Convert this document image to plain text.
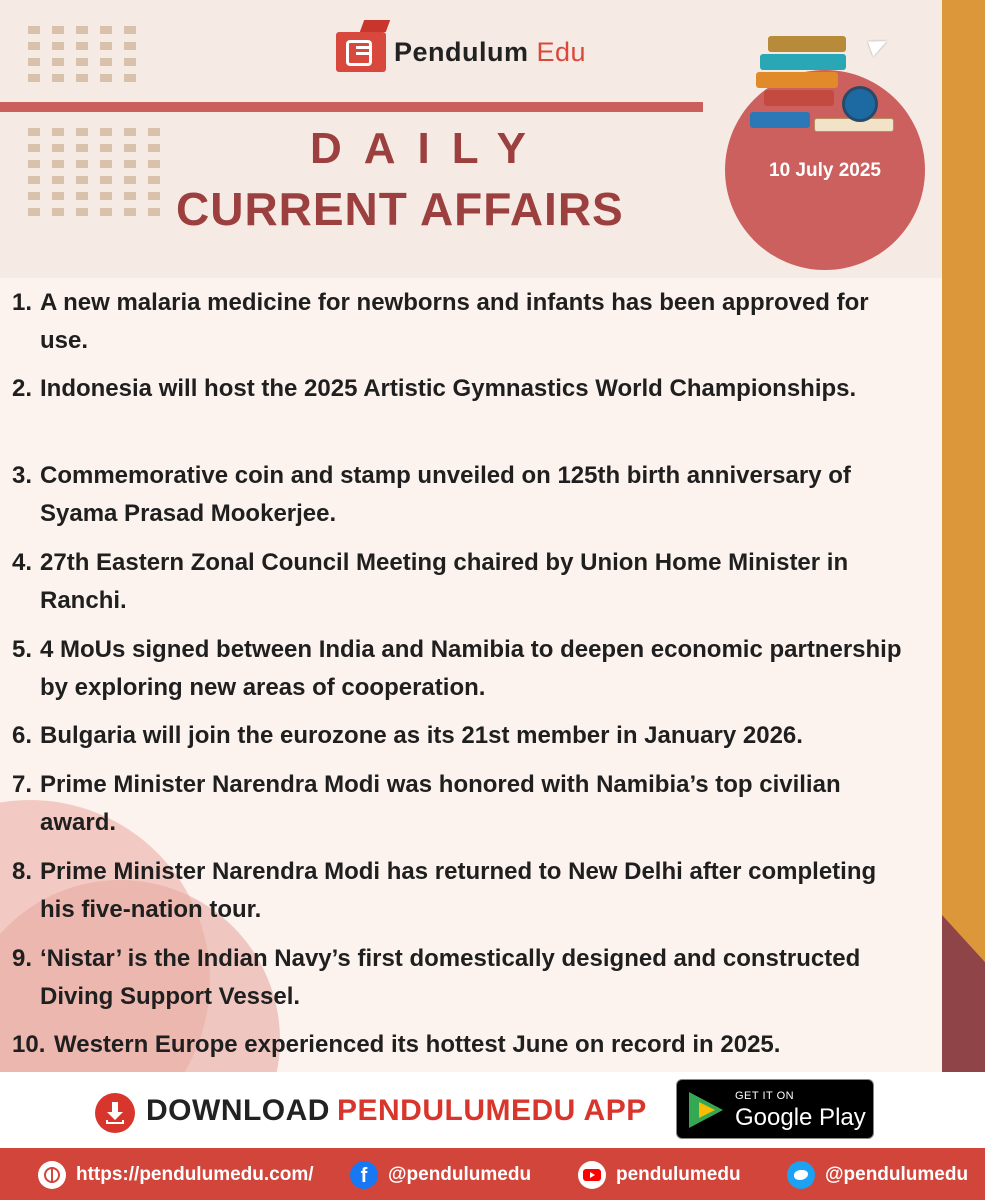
Pendulum Edu
DAILY
CURRENT AFFAIRS
10 July 2025
1. A new malaria medicine for newborns and infants has been approved for use.
2. Indonesia will host the 2025 Artistic Gymnastics World Championships.
3. Commemorative coin and stamp unveiled on 125th birth anniversary of Syama Prasad Mookerjee.
4. 27th Eastern Zonal Council Meeting chaired by Union Home Minister in Ranchi.
5. 4 MoUs signed between India and Namibia to deepen economic partnership by exploring new areas of cooperation.
6. Bulgaria will join the eurozone as its 21st member in January 2026.
7. Prime Minister Narendra Modi was honored with Namibia’s top civilian award.
8. Prime Minister Narendra Modi has returned to New Delhi after completing his five-nation tour.
9. ‘Nistar’ is the Indian Navy’s first domestically designed and constructed Diving Support Vessel.
10. Western Europe experienced its hottest June on record in 2025.
DOWNLOAD PENDULUMEDU APP	GET IT ON
Google Play
https://pendulumedu.com/	f	@pendulumedu	pendulumedu	@pendulumedu
